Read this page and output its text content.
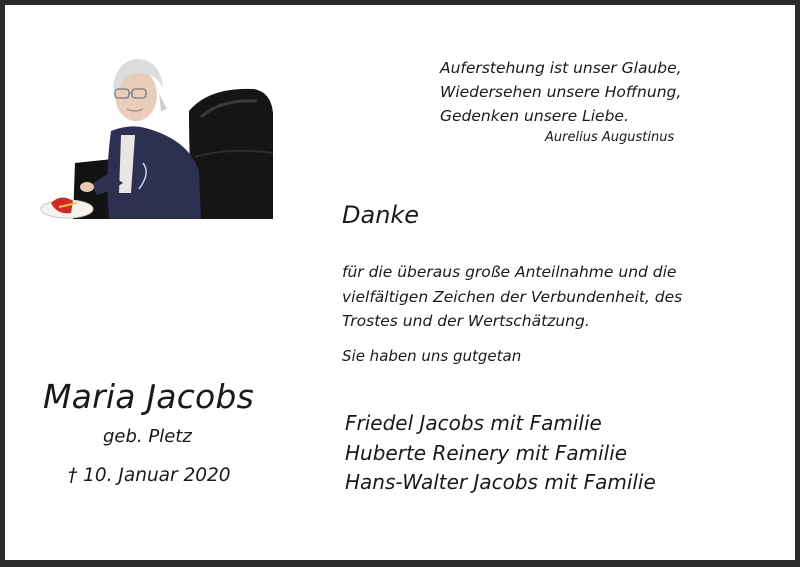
Auferstehung ist unser Glaube,
Wiedersehen unsere Hoffnung,
Gedenken unsere Liebe.
Aurelius Augustinus
Danke
für die überaus große Anteilnahme und die
vielfältigen Zeichen der Verbundenheit, des
Trostes und der Wertschätzung.
Sie haben uns gutgetan
Maria Jacobs
geb. Pletz
† 10. Januar 2020
Friedel Jacobs mit Familie
Huberte Reinery mit Familie
Hans-Walter Jacobs mit Familie
